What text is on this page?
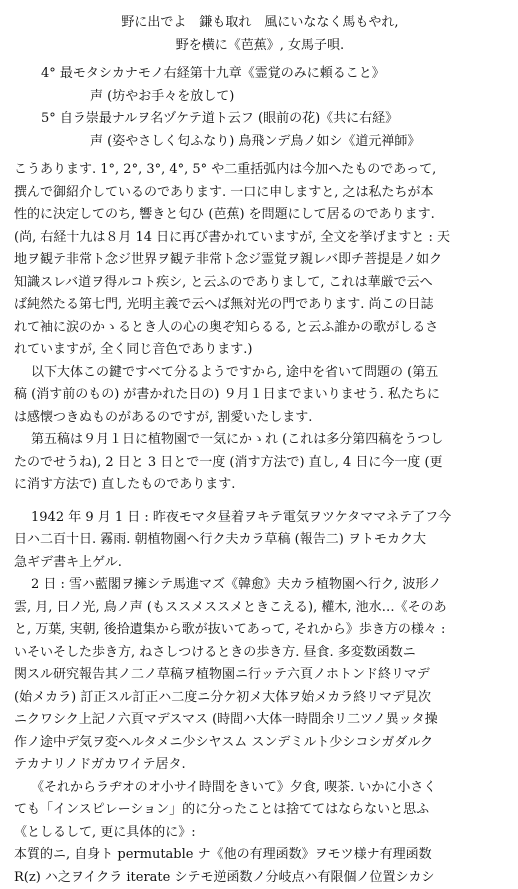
野に出でよ　鎌も取れ　風にいななく馬もやれ,
野を横に《芭蕉》, 女馬子唄.
4° 最モタシカナモノ右経第十九章《霊覚のみに頼ること》
声 (坊やお手々を放して)
5° 自ラ崇最ナルヲ名ヅケテ道ト云フ (眼前の花)《共に右経》
声 (姿やさしく匂ふなり) 鳥飛ンデ鳥ノ如シ《道元禅師》
こうあります. 1°, 2°, 3°, 4°, 5° や二重括弧内は今加へたものであって,
撰んで御紹介しているのであります. 一口に申しますと, 之は私たちが本
性的に決定してのち, 響きと匂ひ (芭蕉) を問題にして居るのであります.
(尚, 右経十九は８月 14 日に再び書かれていますが, 全文を挙げますと : 天
地ヲ観テ非常ト念ジ世界ヲ観テ非常ト念ジ霊覚ヲ親レバ即チ菩提是ノ如ク
知識スレバ道ヲ得ルコト疾シ, と云ふのでありまして, これは華厳で云へ
ば純然たる第七門, 光明主義で云へば無対光の門であります. 尚この日誌
れて袖に涙のかゝるとき人の心の奥ぞ知らるる, と云ふ誰かの歌がしるさ
れていますが, 全く同じ音色であります.)
以下大体この鍵ですべて分るようですから, 途中を省いて問題の (第五
稿 (消す前のもの) が書かれた日の) ９月１日までまいりませう. 私たちに
は感懐つきぬものがあるのですが, 割愛いたします.
第五稿は９月１日に植物園で一気にかゝれ (これは多分第四稿をうつし
たのでせうね), 2 日と 3 日とで一度 (消す方法で) 直し, 4 日に今一度 (更
に消す方法で) 直したものであります.
1942 年 9 月 1 日 : 昨夜モマタ昼着ヲキテ電気ヲツケタママネテ了フ今
日ハ二百十日. 霧雨. 朝植物園ヘ行ク夫カラ草稿 (報告二) ヲトモカク大
急ギデ書キ上ゲル.
2 日 : 雪ハ藍閣ヲ擁シテ馬進マズ《韓愈》夫カラ植物園ヘ行ク, 波形ノ
雲, 月, 日ノ光, 鳥ノ声 (もススメススメときこえる), 權木, 池水…《そのあ
と, 万葉, 実朝, 後拾遺集から歌が抜いてあって, それから》歩き方の様々 :
いそいそした歩き方, ねさしつけるときの歩き方. 昼食. 多変数函数ニ
関スル研究報告其ノ二ノ草稿ヲ植物園ニ行ッテ六頁ノホトンド終リマデ
(始メカラ) 訂正スル訂正ハ二度ニ分ケ初メ大体ヲ始メカラ終リマデ見次
ニクワシク上記ノ六頁マデスマス (時間ハ大体一時間余リ二ツノ異ッタ操
作ノ途中デ気ヲ変ヘルタメニ少シヤスム スンデミルト少シコシガダルク
テカナリノドガカワイテ居タ.
《それからラヂオのオ小サイ時間をきいて》夕食, 喫茶. いかに小さく
ても「インスピレーション」的に分ったことは捨ててはならないと思ふ
《としるして, 更に具体的に》:
本質的ニ, 自身ト permutable ナ《他の有理函数》ヲモツ様ナ有理函数
R(z) ハ之ヲイクラ iterate シテモ逆函数ノ分岐点ハ有限個ノ位置シカシ
